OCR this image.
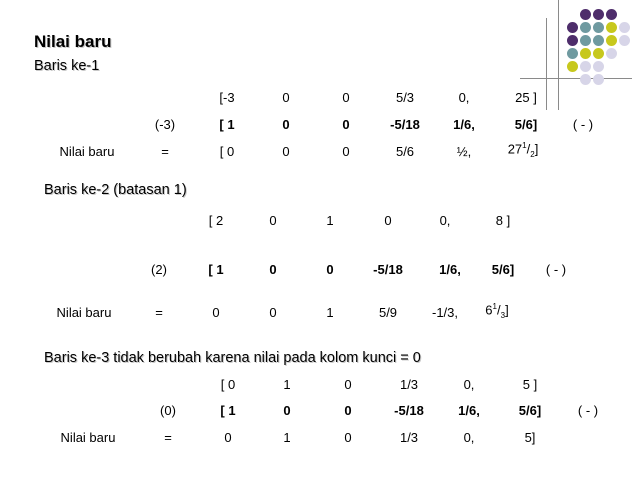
Nilai baru
Baris ke-1
[-3	0	0	5/3	0,	25 ]
(-3)	[ 1	0	0	-5/18	1/6,	5/6]	( - )
Nilai baru	=	[ 0	0	0	5/6	½,	$27^1/_2$]
Baris ke-2 (batasan 1)
[ 2	0	1	0	0,	8 ]
(2)	[ 1	0	0	-5/18	1/6, 5/6] ( - )
Nilai baru	=	0	0	1	5/9	-1/3, $6^1/_3$]
Baris ke-3 tidak berubah karena nilai pada kolom kunci = 0
[ 0	1	0	1/3	0,	5 ]
(0)	[ 1	0	0	-5/18	1/6,	5/6]	( - )
Nilai baru	=	0	1	0	1/3	0,	5]
